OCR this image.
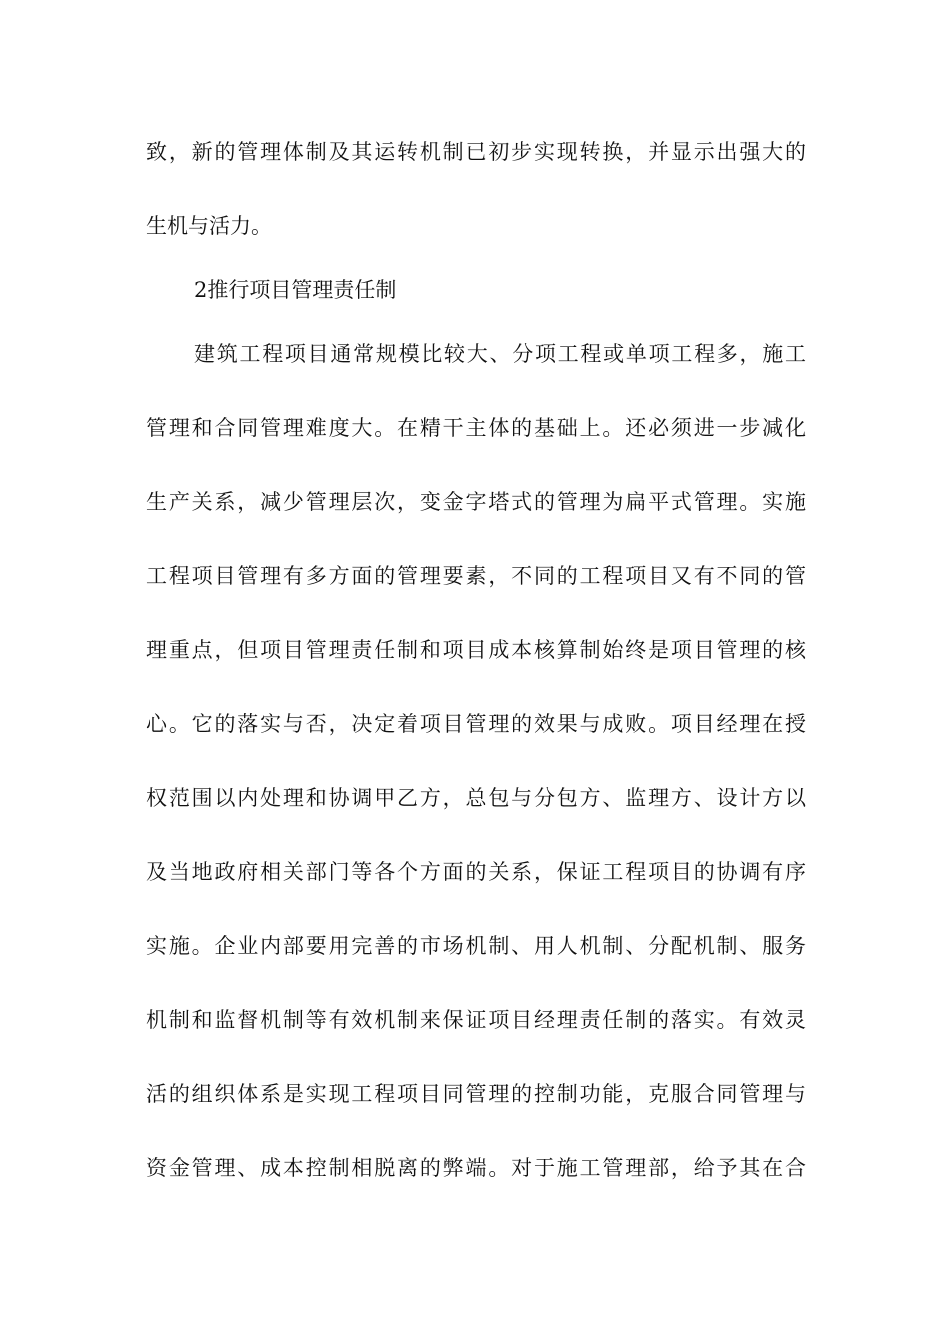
致，新的管理体制及其运转机制已初步实现转换，并显示出强大的
生机与活力。
2推行项目管理责任制
建筑工程项目通常规模比较大、分项工程或单项工程多，施工
管理和合同管理难度大。在精干主体的基础上。还必须进一步减化
生产关系，减少管理层次，变金字塔式的管理为扁平式管理。实施
工程项目管理有多方面的管理要素，不同的工程项目又有不同的管
理重点，但项目管理责任制和项目成本核算制始终是项目管理的核
心。它的落实与否，决定着项目管理的效果与成败。项目经理在授
权范围以内处理和协调甲乙方，总包与分包方、监理方、设计方以
及当地政府相关部门等各个方面的关系，保证工程项目的协调有序
实施。企业内部要用完善的市场机制、用人机制、分配机制、服务
机制和监督机制等有效机制来保证项目经理责任制的落实。有效灵
活的组织体系是实现工程项目同管理的控制功能，克服合同管理与
资金管理、成本控制相脱离的弊端。对于施工管理部，给予其在合
